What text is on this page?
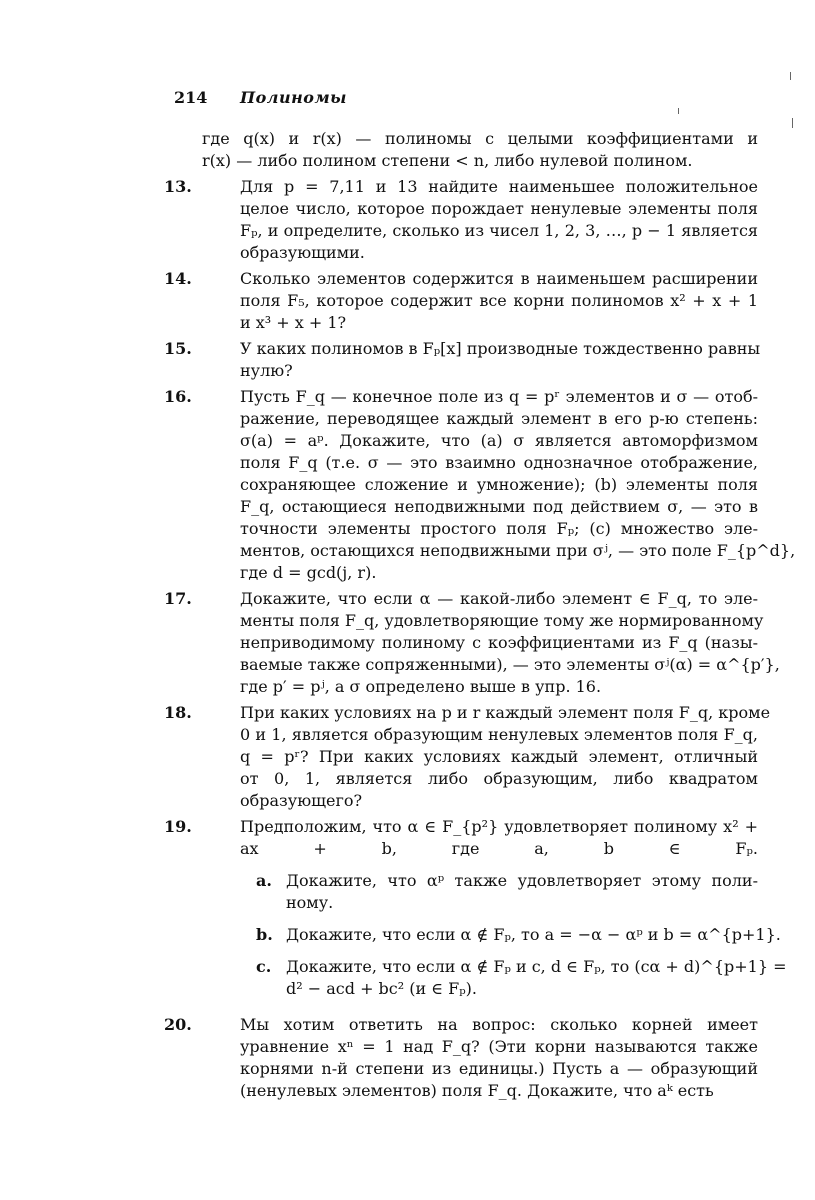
214 Полиномы
где q(x) и r(x) — полиномы с целыми коэффициентами и
r(x) — либо полином степени < n, либо нулевой полином.
Для p = 7,11 и 13 найдите наименьшее положительное
13.
целое число, которое порождает ненулевые элементы поля
Fₚ, и определите, сколько из чисел 1, 2, 3, …, p − 1 является
образующими.
Сколько элементов содержится в наименьшем расширении
14.
поля F₅, которое содержит все корни полиномов x² + x + 1
и x³ + x + 1?
У каких полиномов в Fₚ[x] производные тождественно равны
15.
нулю?
Пусть F_q — конечное поле из q = pʳ элементов и σ — отоб-
16.
ражение, переводящее каждый элемент в его p-ю степень:
σ(a) = aᵖ. Докажите, что (a) σ является автоморфизмом
поля F_q (т.е. σ — это взаимно однозначное отображение,
сохраняющее сложение и умножение); (b) элементы поля
F_q, остающиеся неподвижными под действием σ, — это в
точности элементы простого поля Fₚ; (c) множество эле-
ментов, остающихся неподвижными при σʲ, — это поле F_{p^d},
где d = gcd(j, r).
Докажите, что если α — какой-либо элемент ∈ F_q, то эле-
17.
менты поля F_q, удовлетворяющие тому же нормированному
неприводимому полиному с коэффициентами из F_q (назы-
ваемые также сопряженными), — это элементы σʲ(α) = α^{p′},
где p′ = pʲ, а σ определено выше в упр. 16.
При каких условиях на p и r каждый элемент поля F_q, кроме
18.
0 и 1, является образующим ненулевых элементов поля F_q,
q = pʳ? При каких условиях каждый элемент, отличный
от 0, 1, является либо образующим, либо квадратом
образующего?
Предположим, что α ∈ F_{p²} удовлетворяет полиному x² +
19.
ax + b, где a, b ∈ Fₚ.
Докажите, что αᵖ также удовлетворяет этому поли-
a.
ному.
Докажите, что если α ∉ Fₚ, то a = −α − αᵖ и b = α^{p+1}.
b.
Докажите, что если α ∉ Fₚ и c, d ∈ Fₚ, то (cα + d)^{p+1} =
c.
d² − acd + bc² (и ∈ Fₚ).
Мы хотим ответить на вопрос: сколько корней имеет
20.
уравнение xⁿ = 1 над F_q? (Эти корни называются также
корнями n-й степени из единицы.) Пусть a — образующий
(ненулевых элементов) поля F_q. Докажите, что aᵏ есть
